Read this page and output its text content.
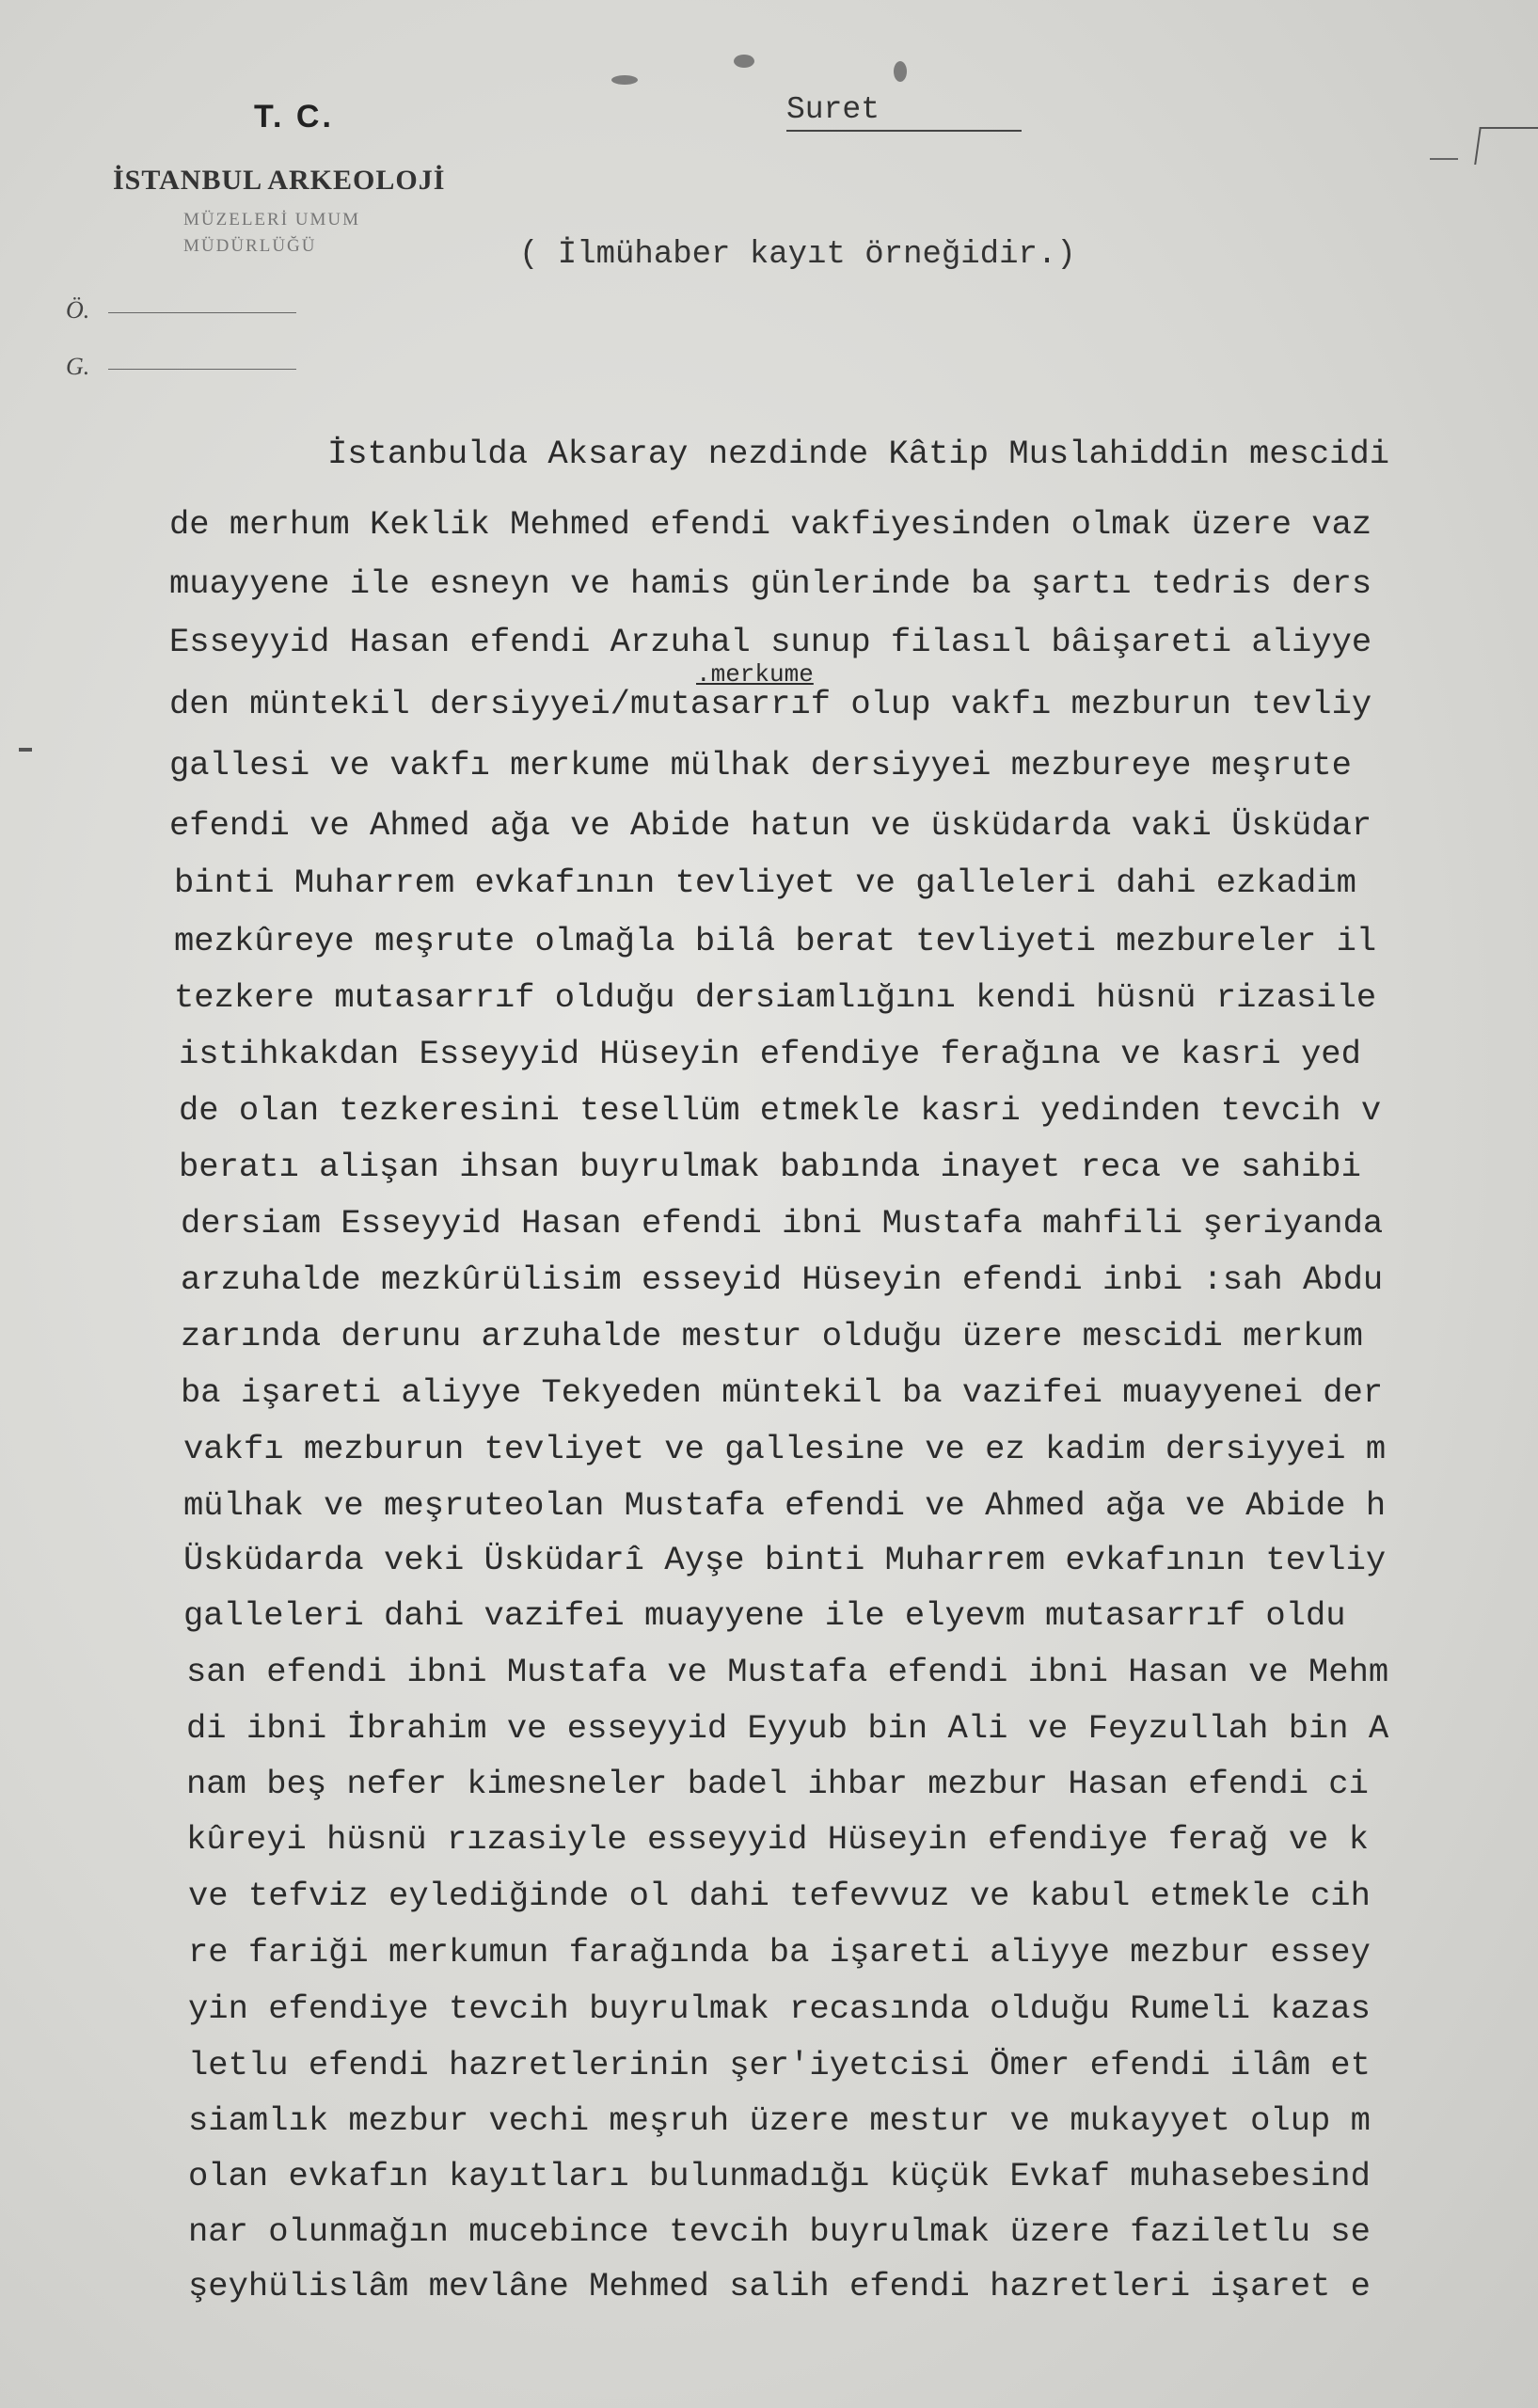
T. C.
İSTANBUL ARKEOLOJİ
MÜZELERİ UMUM
MÜDÜRLÜĞÜ
Ö.
G.
Suret
( İlmühaber kayıt örneğidir.)
.merkume
İstanbulda Aksaray nezdinde Kâtip Muslahiddin mescidi
de merhum Keklik Mehmed efendi vakfiyesinden olmak üzere vaz
muayyene ile esneyn ve hamis günlerinde ba şartı tedris ders
Esseyyid Hasan efendi Arzuhal sunup filasıl bâişareti aliyye
den müntekil dersiyyei/mutasarrıf olup vakfı mezburun tevliy
gallesi ve vakfı merkume mülhak dersiyyei mezbureye meşrute
efendi ve Ahmed ağa ve Abide hatun ve üsküdarda vaki Üsküdar
binti Muharrem evkafının tevliyet ve galleleri dahi ezkadim
mezkûreye meşrute olmağla bilâ berat tevliyeti mezbureler il
tezkere mutasarrıf olduğu dersiamlığını kendi hüsnü rizasile
istihkakdan Esseyyid Hüseyin efendiye ferağına ve kasri yed
de olan tezkeresini tesellüm etmekle kasri yedinden tevcih v
beratı alişan ihsan buyrulmak babında inayet reca ve sahibi
dersiam Esseyyid Hasan efendi ibni Mustafa mahfili şeriyanda
arzuhalde mezkûrülisim esseyid Hüseyin efendi inbi :sah Abdu
zarında derunu arzuhalde mestur olduğu üzere mescidi merkum
ba işareti aliyye Tekyeden müntekil ba vazifei muayyenei der
vakfı mezburun tevliyet ve gallesine ve ez kadim dersiyyei m
mülhak ve meşruteolan Mustafa efendi ve Ahmed ağa ve Abide h
Üsküdarda veki Üsküdarî Ayşe binti Muharrem evkafının tevliy
galleleri dahi vazifei muayyene ile elyevm mutasarrıf oldu
san efendi ibni Mustafa ve Mustafa efendi ibni Hasan ve Mehm
di ibni İbrahim ve esseyyid Eyyub bin Ali ve Feyzullah bin A
nam beş nefer kimesneler badel ihbar mezbur Hasan efendi ci
kûreyi hüsnü rızasiyle esseyyid Hüseyin efendiye ferağ ve k
ve tefviz eylediğinde ol dahi tefevvuz ve kabul etmekle cih
re fariği merkumun farağında ba işareti aliyye mezbur essey
yin efendiye tevcih buyrulmak recasında olduğu Rumeli kazas
letlu efendi hazretlerinin şer'iyetcisi Ömer efendi ilâm et
siamlık mezbur vechi meşruh üzere mestur ve mukayyet olup m
olan evkafın kayıtları bulunmadığı küçük Evkaf muhasebesind
nar olunmağın mucebince tevcih buyrulmak üzere faziletlu se
şeyhülislâm mevlâne Mehmed salih efendi hazretleri işaret e
